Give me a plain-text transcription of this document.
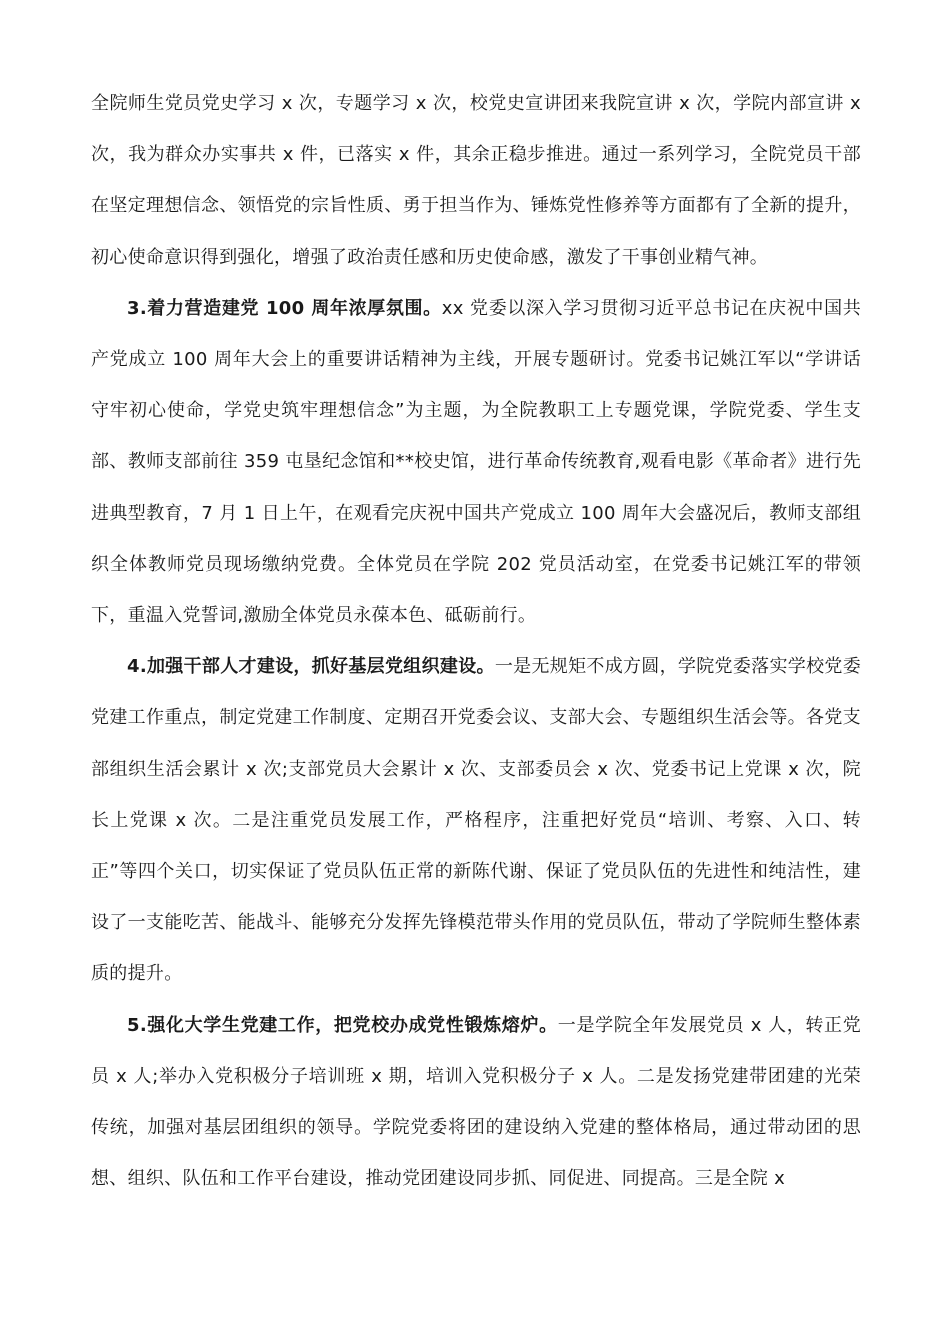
全院师生党员党史学习 x 次，专题学习 x 次，校党史宣讲团来我院宣讲 x 次，学院内部宣讲 x 次，我为群众办实事共 x 件，已落实 x 件，其余正稳步推进。通过一系列学习，全院党员干部在坚定理想信念、领悟党的宗旨性质、勇于担当作为、锤炼党性修养等方面都有了全新的提升，初心使命意识得到强化，增强了政治责任感和历史使命感，激发了干事创业精气神。

3.着力营造建党 100 周年浓厚氛围。xx 党委以深入学习贯彻习近平总书记在庆祝中国共产党成立 100 周年大会上的重要讲话精神为主线，开展专题研讨。党委书记姚江军以“学讲话守牢初心使命，学党史筑牢理想信念”为主题，为全院教职工上专题党课，学院党委、学生支部、教师支部前往 359 屯垦纪念馆和**校史馆，进行革命传统教育,观看电影《革命者》进行先进典型教育，7 月 1 日上午，在观看完庆祝中国共产党成立 100 周年大会盛况后，教师支部组织全体教师党员现场缴纳党费。全体党员在学院 202 党员活动室，在党委书记姚江军的带领下，重温入党誓词,激励全体党员永葆本色、砥砺前行。

4.加强干部人才建设，抓好基层党组织建设。一是无规矩不成方圆，学院党委落实学校党委党建工作重点，制定党建工作制度、定期召开党委会议、支部大会、专题组织生活会等。各党支部组织生活会累计 x 次;支部党员大会累计 x 次、支部委员会 x 次、党委书记上党课 x 次，院长上党课 x 次。二是注重党员发展工作，严格程序，注重把好党员“培训、考察、入口、转正”等四个关口，切实保证了党员队伍正常的新陈代谢、保证了党员队伍的先进性和纯洁性，建设了一支能吃苦、能战斗、能够充分发挥先锋模范带头作用的党员队伍，带动了学院师生整体素质的提升。

5.强化大学生党建工作，把党校办成党性锻炼熔炉。一是学院全年发展党员 x 人，转正党员 x 人;举办入党积极分子培训班 x 期，培训入党积极分子 x 人。二是发扬党建带团建的光荣传统，加强对基层团组织的领导。学院党委将团的建设纳入党建的整体格局，通过带动团的思想、组织、队伍和工作平台建设，推动党团建设同步抓、同促进、同提高。三是全院 x
